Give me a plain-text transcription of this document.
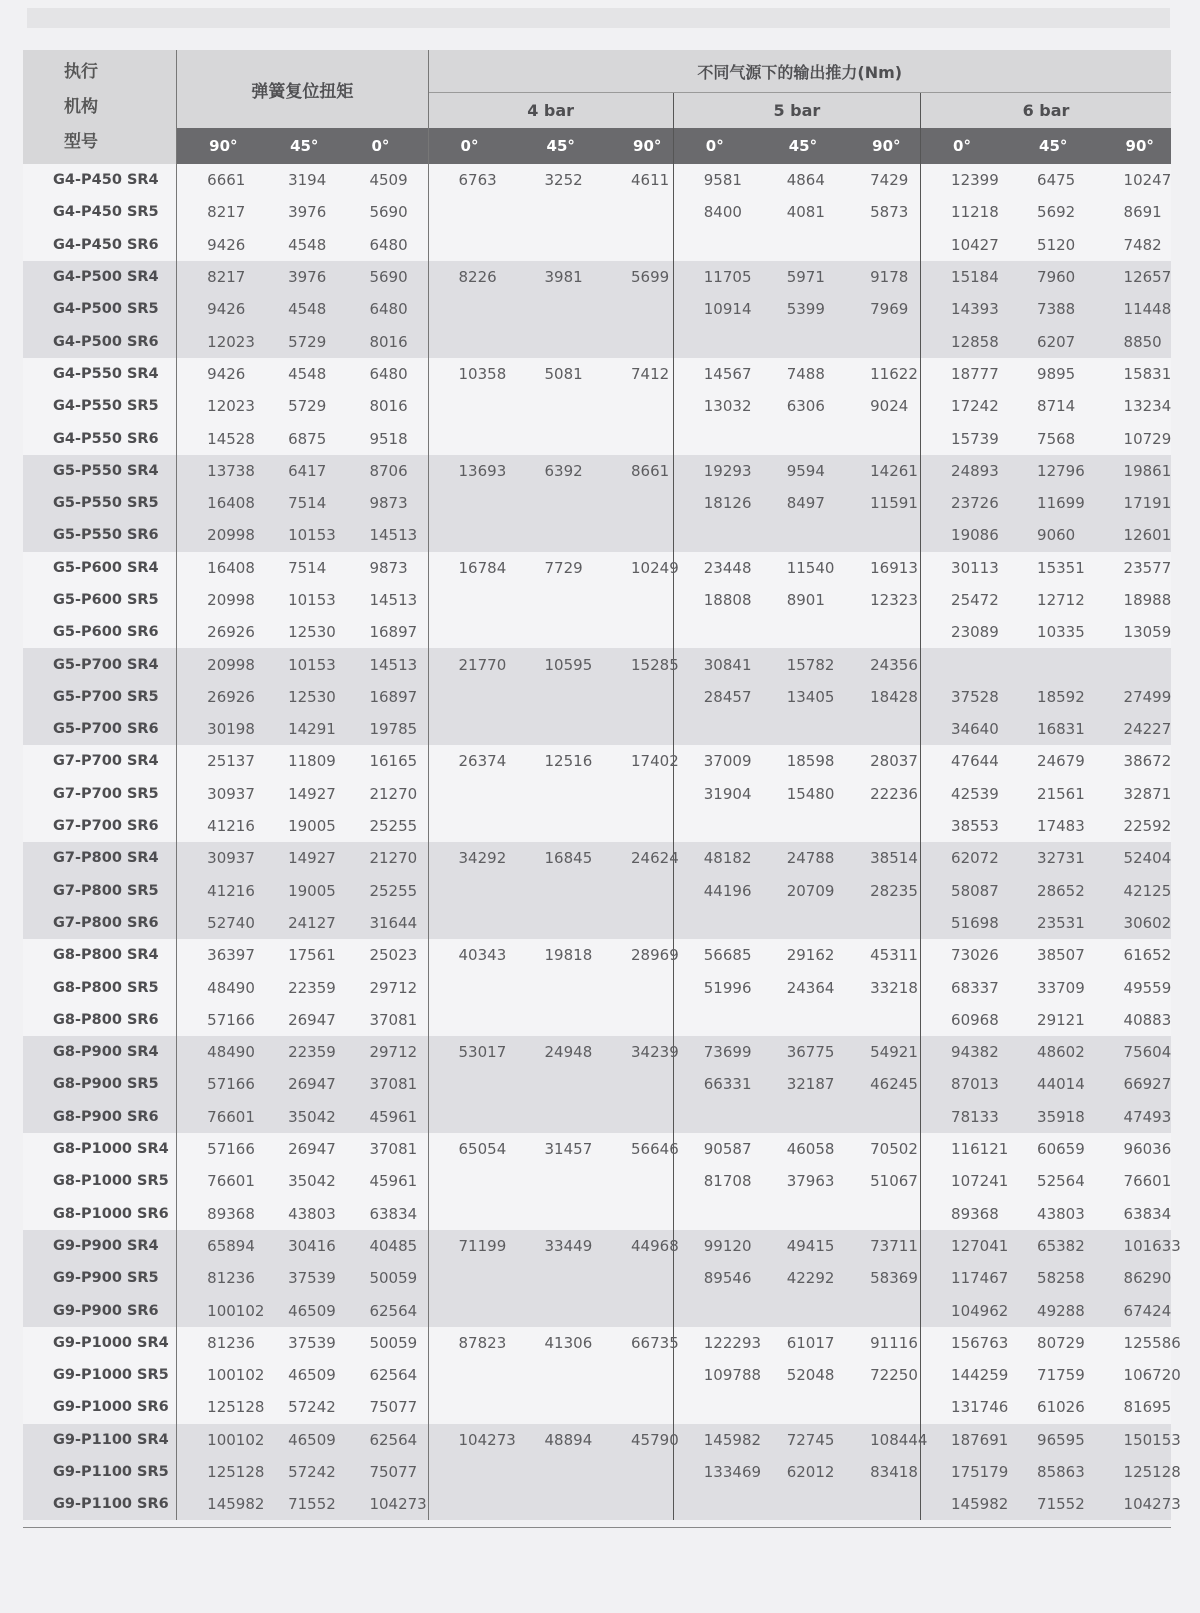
执行
机构
型号	弹簧复位扭矩			不同气源下的输出推力(Nm)								
				4 bar			5 bar			6 bar		
	90°	45°	0°	0°	45°	90°	0°	45°	90°	0°	45°	90°
G4-P450 SR4	6661	3194	4509	6763	3252	4611	9581	4864	7429	12399	6475	10247
G4-P450 SR5	8217	3976	5690				8400	4081	5873	11218	5692	8691
G4-P450 SR6	9426	4548	6480							10427	5120	7482
G4-P500 SR4	8217	3976	5690	8226	3981	5699	11705	5971	9178	15184	7960	12657
G4-P500 SR5	9426	4548	6480				10914	5399	7969	14393	7388	11448
G4-P500 SR6	12023	5729	8016							12858	6207	8850
G4-P550 SR4	9426	4548	6480	10358	5081	7412	14567	7488	11622	18777	9895	15831
G4-P550 SR5	12023	5729	8016				13032	6306	9024	17242	8714	13234
G4-P550 SR6	14528	6875	9518							15739	7568	10729
G5-P550 SR4	13738	6417	8706	13693	6392	8661	19293	9594	14261	24893	12796	19861
G5-P550 SR5	16408	7514	9873				18126	8497	11591	23726	11699	17191
G5-P550 SR6	20998	10153	14513							19086	9060	12601
G5-P600 SR4	16408	7514	9873	16784	7729	10249	23448	11540	16913	30113	15351	23577
G5-P600 SR5	20998	10153	14513				18808	8901	12323	25472	12712	18988
G5-P600 SR6	26926	12530	16897							23089	10335	13059
G5-P700 SR4	20998	10153	14513	21770	10595	15285	30841	15782	24356			
G5-P700 SR5	26926	12530	16897				28457	13405	18428	37528	18592	27499
G5-P700 SR6	30198	14291	19785							34640	16831	24227
G7-P700 SR4	25137	11809	16165	26374	12516	17402	37009	18598	28037	47644	24679	38672
G7-P700 SR5	30937	14927	21270				31904	15480	22236	42539	21561	32871
G7-P700 SR6	41216	19005	25255							38553	17483	22592
G7-P800 SR4	30937	14927	21270	34292	16845	24624	48182	24788	38514	62072	32731	52404
G7-P800 SR5	41216	19005	25255				44196	20709	28235	58087	28652	42125
G7-P800 SR6	52740	24127	31644							51698	23531	30602
G8-P800 SR4	36397	17561	25023	40343	19818	28969	56685	29162	45311	73026	38507	61652
G8-P800 SR5	48490	22359	29712				51996	24364	33218	68337	33709	49559
G8-P800 SR6	57166	26947	37081							60968	29121	40883
G8-P900 SR4	48490	22359	29712	53017	24948	34239	73699	36775	54921	94382	48602	75604
G8-P900 SR5	57166	26947	37081				66331	32187	46245	87013	44014	66927
G8-P900 SR6	76601	35042	45961							78133	35918	47493
G8-P1000 SR4	57166	26947	37081	65054	31457	56646	90587	46058	70502	116121	60659	96036
G8-P1000 SR5	76601	35042	45961				81708	37963	51067	107241	52564	76601
G8-P1000 SR6	89368	43803	63834							89368	43803	63834
G9-P900 SR4	65894	30416	40485	71199	33449	44968	99120	49415	73711	127041	65382	101633
G9-P900 SR5	81236	37539	50059				89546	42292	58369	117467	58258	86290
G9-P900 SR6	100102	46509	62564							104962	49288	67424
G9-P1000 SR4	81236	37539	50059	87823	41306	66735	122293	61017	91116	156763	80729	125586
G9-P1000 SR5	100102	46509	62564				109788	52048	72250	144259	71759	106720
G9-P1000 SR6	125128	57242	75077							131746	61026	81695
G9-P1100 SR4	100102	46509	62564	104273	48894	45790	145982	72745	108444	187691	96595	150153
G9-P1100 SR5	125128	57242	75077				133469	62012	83418	175179	85863	125128
G9-P1100 SR6	145982	71552	104273							145982	71552	104273
